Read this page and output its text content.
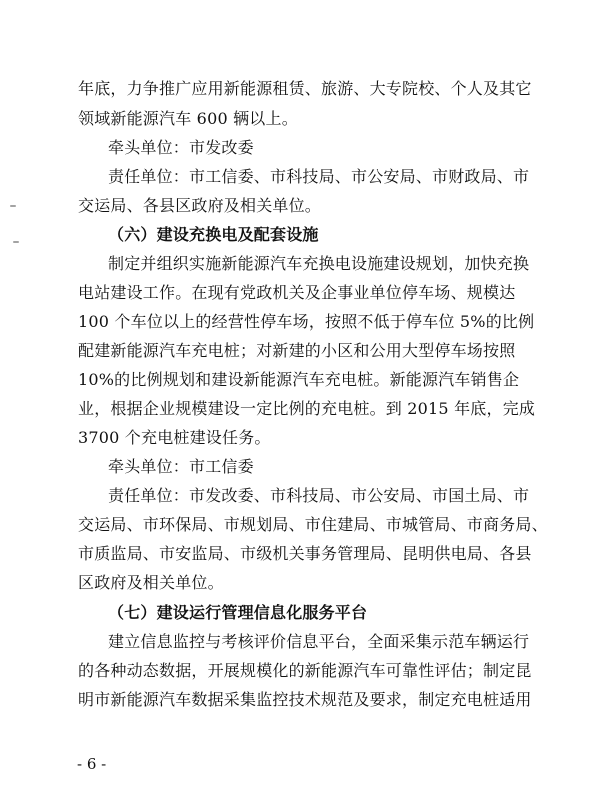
年底，力争推广应用新能源租赁、旅游、大专院校、个人及其它
领域新能源汽车 600 辆以上。
牵头单位：市发改委
责任单位：市工信委、市科技局、市公安局、市财政局、市
交运局、各县区政府及相关单位。
（六）建设充换电及配套设施
制定并组织实施新能源汽车充换电设施建设规划，加快充换
电站建设工作。在现有党政机关及企事业单位停车场、规模达
100 个车位以上的经营性停车场，按照不低于停车位 5%的比例
配建新能源汽车充电桩；对新建的小区和公用大型停车场按照
10%的比例规划和建设新能源汽车充电桩。新能源汽车销售企
业，根据企业规模建设一定比例的充电桩。到 2015 年底，完成
3700 个充电桩建设任务。
牵头单位：市工信委
责任单位：市发改委、市科技局、市公安局、市国土局、市
交运局、市环保局、市规划局、市住建局、市城管局、市商务局、
市质监局、市安监局、市级机关事务管理局、昆明供电局、各县
区政府及相关单位。
（七）建设运行管理信息化服务平台
建立信息监控与考核评价信息平台，全面采集示范车辆运行
的各种动态数据，开展规模化的新能源汽车可靠性评估；制定昆
明市新能源汽车数据采集监控技术规范及要求，制定充电桩适用
- 6 -
